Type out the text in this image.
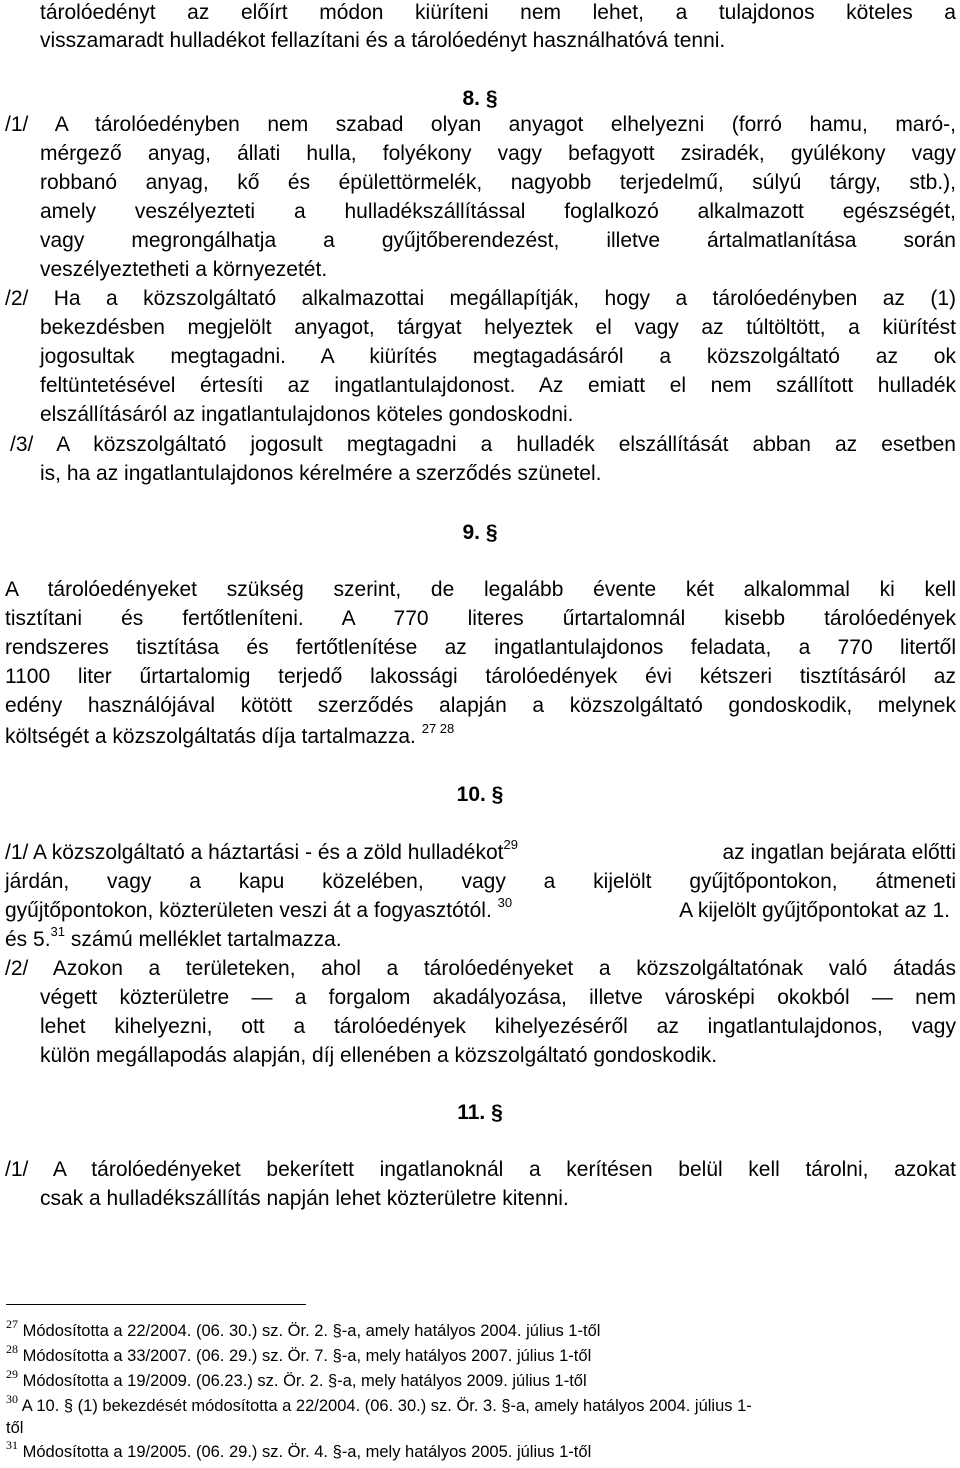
tárolóedényt az előírt módon kiüríteni nem lehet, a tulajdonos köteles a
visszamaradt hulladékot fellazítani és a tárolóedényt használhatóvá tenni.
8. §
/1/ A tárolóedényben nem szabad olyan anyagot elhelyezni (forró hamu, maró-,
mérgező anyag, állati hulla, folyékony vagy befagyott zsiradék, gyúlékony vagy
robbanó anyag, kő és épülettörmelék, nagyobb terjedelmű, súlyú tárgy, stb.),
amely veszélyezteti a hulladékszállítással foglalkozó alkalmazott egészségét,
vagy megrongálhatja a gyűjtőberendezést, illetve ártalmatlanítása során
veszélyeztetheti a környezetét.
/2/ Ha a közszolgáltató alkalmazottai megállapítják, hogy a tárolóedényben az (1)
bekezdésben megjelölt anyagot, tárgyat helyeztek el vagy az túltöltött, a kiürítést
jogosultak megtagadni. A kiürítés megtagadásáról a közszolgáltató az ok
feltüntetésével értesíti az ingatlantulajdonost. Az emiatt el nem szállított hulladék
elszállításáról az ingatlantulajdonos köteles gondoskodni.
/3/ A közszolgáltató jogosult megtagadni a hulladék elszállítását abban az esetben
is, ha az ingatlantulajdonos kérelmére a szerződés szünetel.
9. §
A tárolóedényeket szükség szerint, de legalább évente két alkalommal ki kell
tisztítani és fertőtleníteni. A 770 literes űrtartalomnál kisebb tárolóedények
rendszeres tisztítása és fertőtlenítése az ingatlantulajdonos feladata, a 770 litertől
1100 liter űrtartalomig terjedő lakossági tárolóedények évi kétszeri tisztításáról az
edény használójával kötött szerződés alapján a közszolgáltató gondoskodik, melynek
költségét a közszolgáltatás díja tartalmazza. $^{27 28}$
10. §
/1/ A közszolgáltató a háztartási - és a zöld hulladékot$^{29}$	az ingatlan bejárata előtti
járdán, vagy a kapu közelében, vagy a kijelölt gyűjtőpontokon, átmeneti
gyűjtőpontokon, közterületen veszi át a fogyasztótól. $^{30}$	A kijelölt gyűjtőpontokat az 1.
és 5.31 számú melléklet tartalmazza.
/2/ Azokon a területeken, ahol a tárolóedényeket a közszolgáltatónak való átadás
végett közterületre — a forgalom akadályozása, illetve városképi okokból — nem
lehet kihelyezni, ott a tárolóedények kihelyezéséről az ingatlantulajdonos, vagy
külön megállapodás alapján, díj ellenében a közszolgáltató gondoskodik.
11. §
/1/ A tárolóedényeket bekerített ingatlanoknál a kerítésen belül kell tárolni, azokat
csak a hulladékszállítás napján lehet közterületre kitenni.
$^{27}$ Módosította a 22/2004. (06. 30.) sz. Ör. 2. §-a, amely hatályos 2004. július 1-től
$^{28}$ Módosította a 33/2007. (06. 29.) sz. Ör. 7. §-a, mely hatályos 2007. július 1-től
$^{29}$ Módosította a 19/2009. (06.23.) sz. Ör. 2. §-a, mely hatályos 2009. július 1-től
$^{30}$ A 10. § (1) bekezdését módosította a 22/2004. (06. 30.) sz. Ör. 3. §-a, amely hatályos 2004. július 1-
től
$^{31}$ Módosította a 19/2005. (06. 29.) sz. Ör. 4. §-a, mely hatályos 2005. július 1-től
